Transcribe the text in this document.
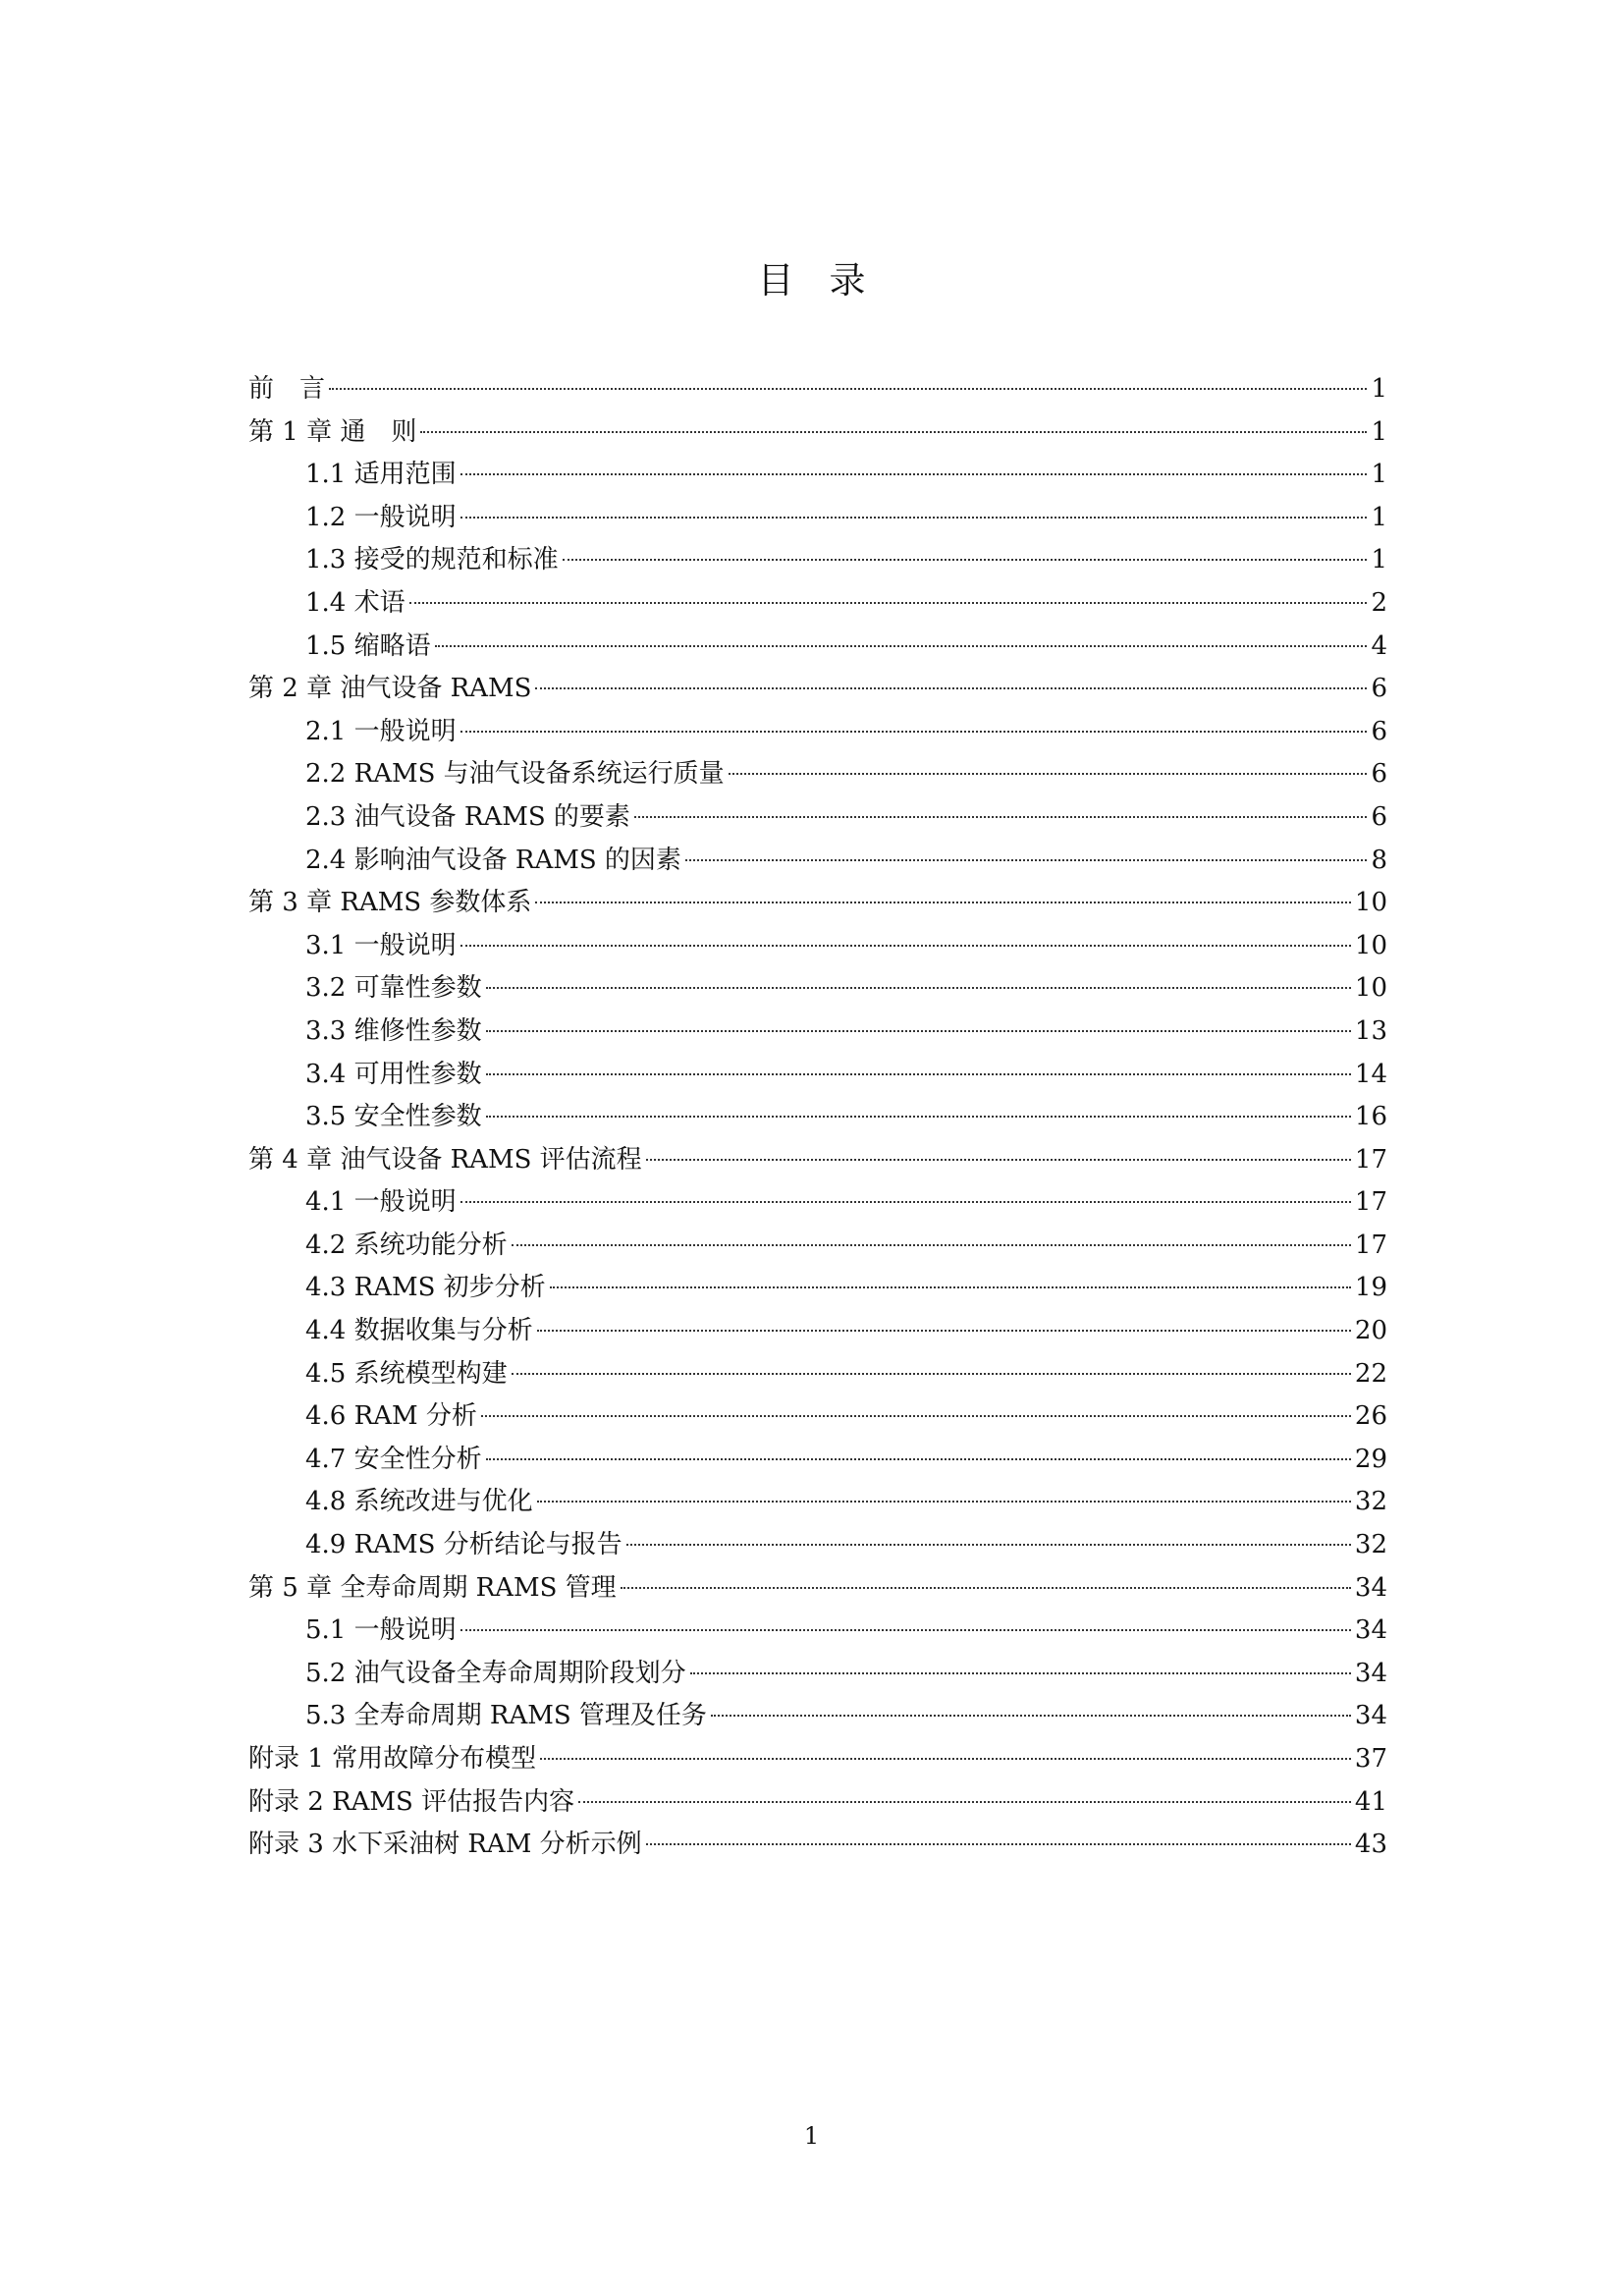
目录
前　言	1
第 1 章 通　则	1
1.1 适用范围	1
1.2 一般说明	1
1.3 接受的规范和标准	1
1.4 术语	2
1.5 缩略语	4
第 2 章 油气设备 RAMS	6
2.1 一般说明	6
2.2 RAMS 与油气设备系统运行质量	6
2.3 油气设备 RAMS 的要素	6
2.4 影响油气设备 RAMS 的因素	8
第 3 章 RAMS 参数体系	10
3.1 一般说明	10
3.2 可靠性参数	10
3.3 维修性参数	13
3.4 可用性参数	14
3.5 安全性参数	16
第 4 章 油气设备 RAMS 评估流程	17
4.1 一般说明	17
4.2 系统功能分析	17
4.3 RAMS 初步分析	19
4.4 数据收集与分析	20
4.5 系统模型构建	22
4.6 RAM 分析	26
4.7 安全性分析	29
4.8 系统改进与优化	32
4.9 RAMS 分析结论与报告	32
第 5 章 全寿命周期 RAMS 管理	34
5.1 一般说明	34
5.2 油气设备全寿命周期阶段划分	34
5.3 全寿命周期 RAMS 管理及任务	34
附录 1 常用故障分布模型	37
附录 2 RAMS 评估报告内容	41
附录 3 水下采油树 RAM 分析示例	43
1
